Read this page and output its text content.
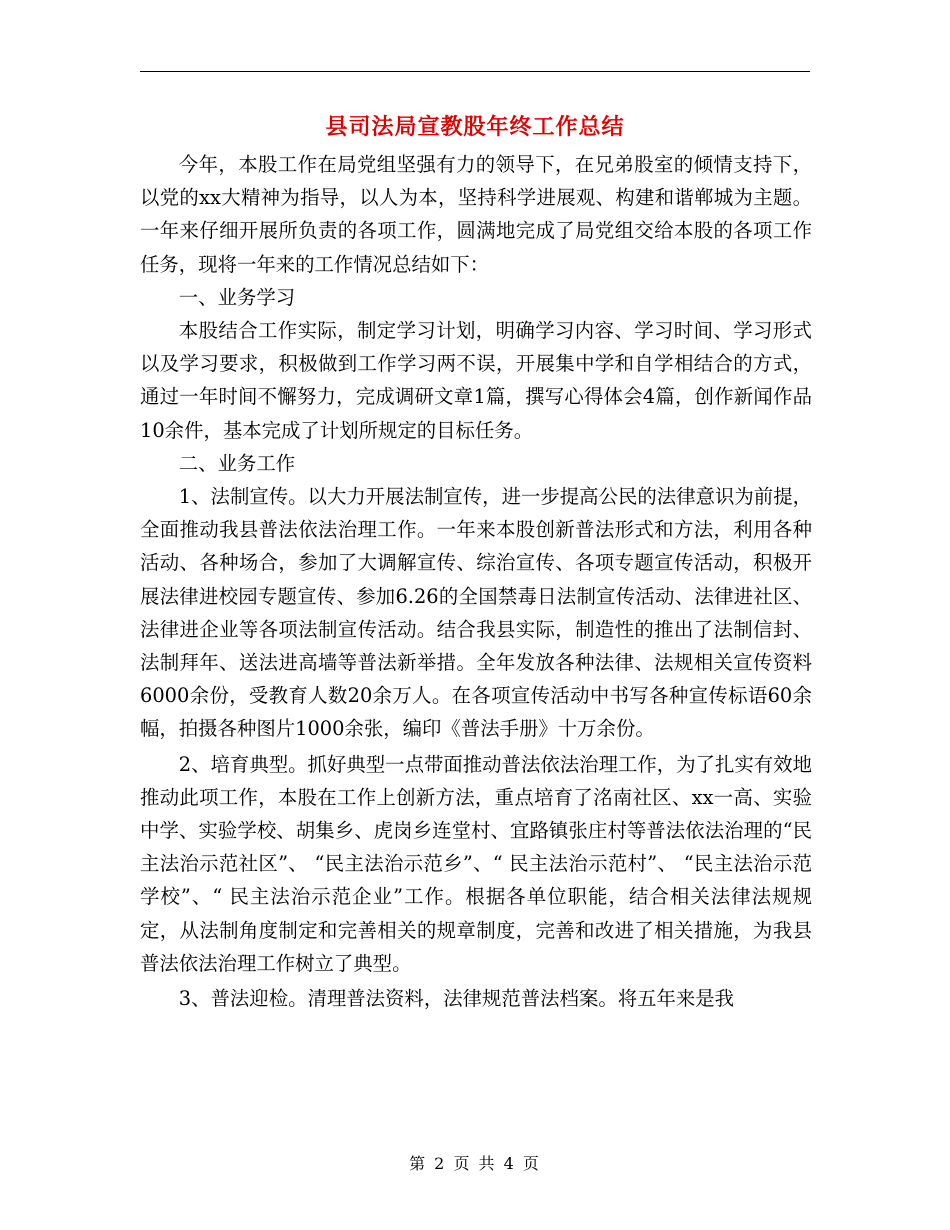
县司法局宣教股年终工作总结

今年，本股工作在局党组坚强有力的领导下，在兄弟股室的倾情支持下，以党的xx大精神为指导，以人为本，坚持科学进展观、构建和谐郸城为主题。一年来仔细开展所负责的各项工作，圆满地完成了局党组交给本股的各项工作任务，现将一年来的工作情况总结如下：

一、业务学习

本股结合工作实际，制定学习计划，明确学习内容、学习时间、学习形式以及学习要求，积极做到工作学习两不误，开展集中学和自学相结合的方式，通过一年时间不懈努力，完成调研文章1篇，撰写心得体会4篇，创作新闻作品10余件，基本完成了计划所规定的目标任务。

二、业务工作

1、法制宣传。以大力开展法制宣传，进一步提高公民的法律意识为前提，全面推动我县普法依法治理工作。一年来本股创新普法形式和方法，利用各种活动、各种场合，参加了大调解宣传、综治宣传、各项专题宣传活动，积极开展法律进校园专题宣传、参加6.26的全国禁毒日法制宣传活动、法律进社区、法律进企业等各项法制宣传活动。结合我县实际，制造性的推出了法制信封、法制拜年、送法进高墙等普法新举措。全年发放各种法律、法规相关宣传资料6000余份，受教育人数20余万人。在各项宣传活动中书写各种宣传标语60余幅，拍摄各种图片1000余张，编印《普法手册》十万余份。

2、培育典型。抓好典型一点带面推动普法依法治理工作，为了扎实有效地推动此项工作，本股在工作上创新方法，重点培育了洺南社区、xx一高、实验中学、实验学校、胡集乡、虎岗乡连堂村、宜路镇张庄村等普法依法治理的“民主法治示范社区”、 “民主法治示范乡”、“ 民主法治示范村”、 “民主法治示范学校”、“ 民主法治示范企业”工作。根据各单位职能，结合相关法律法规规定，从法制角度制定和完善相关的规章制度，完善和改进了相关措施，为我县普法依法治理工作树立了典型。

3、普法迎检。清理普法资料，法律规范普法档案。将五年来是我

第 2 页 共 4 页
